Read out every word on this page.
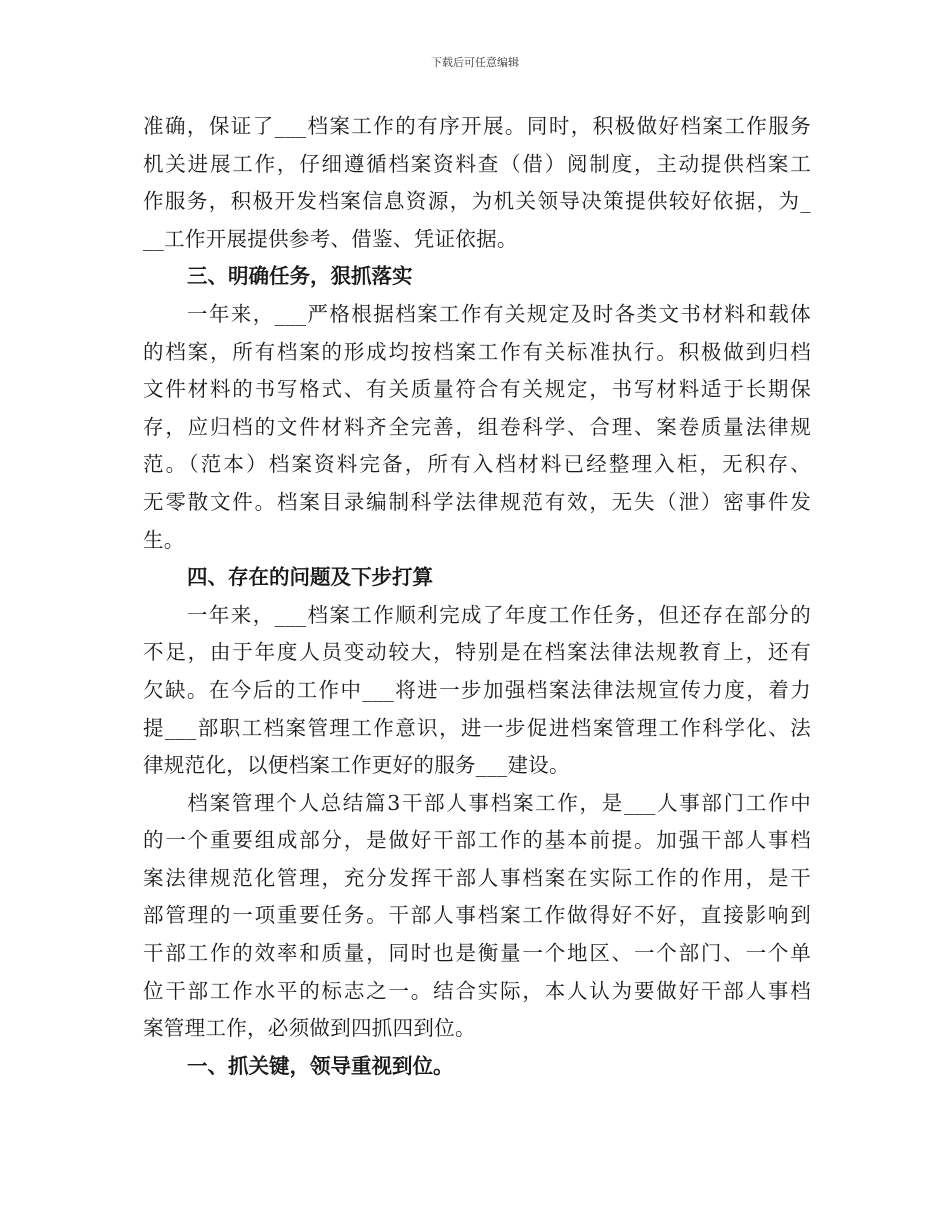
下载后可任意编辑
准确，保证了___档案工作的有序开展。同时，积极做好档案工作服务
机关进展工作，仔细遵循档案资料查（借）阅制度，主动提供档案工
作服务，积极开发档案信息资源，为机关领导决策提供较好依据，为_
__工作开展提供参考、借鉴、凭证依据。
三、明确任务，狠抓落实
　　一年来，___严格根据档案工作有关规定及时各类文书材料和载体
的档案，所有档案的形成均按档案工作有关标准执行。积极做到归档
文件材料的书写格式、有关质量符合有关规定，书写材料适于长期保
存，应归档的文件材料齐全完善，组卷科学、合理、案卷质量法律规
范。（范本）档案资料完备，所有入档材料已经整理入柜，无积存、
无零散文件。档案目录编制科学法律规范有效，无失（泄）密事件发
生。
四、存在的问题及下步打算
　　一年来，___档案工作顺利完成了年度工作任务，但还存在部分的
不足，由于年度人员变动较大，特别是在档案法律法规教育上，还有
欠缺。在今后的工作中___将进一步加强档案法律法规宣传力度，着力
提___部职工档案管理工作意识，进一步促进档案管理工作科学化、法
律规范化，以便档案工作更好的服务___建设。
　　档案管理个人总结篇3干部人事档案工作，是___人事部门工作中
的一个重要组成部分，是做好干部工作的基本前提。加强干部人事档
案法律规范化管理，充分发挥干部人事档案在实际工作的作用，是干
部管理的一项重要任务。干部人事档案工作做得好不好，直接影响到
干部工作的效率和质量，同时也是衡量一个地区、一个部门、一个单
位干部工作水平的标志之一。结合实际，本人认为要做好干部人事档
案管理工作，必须做到四抓四到位。
一、抓关键，领导重视到位。
